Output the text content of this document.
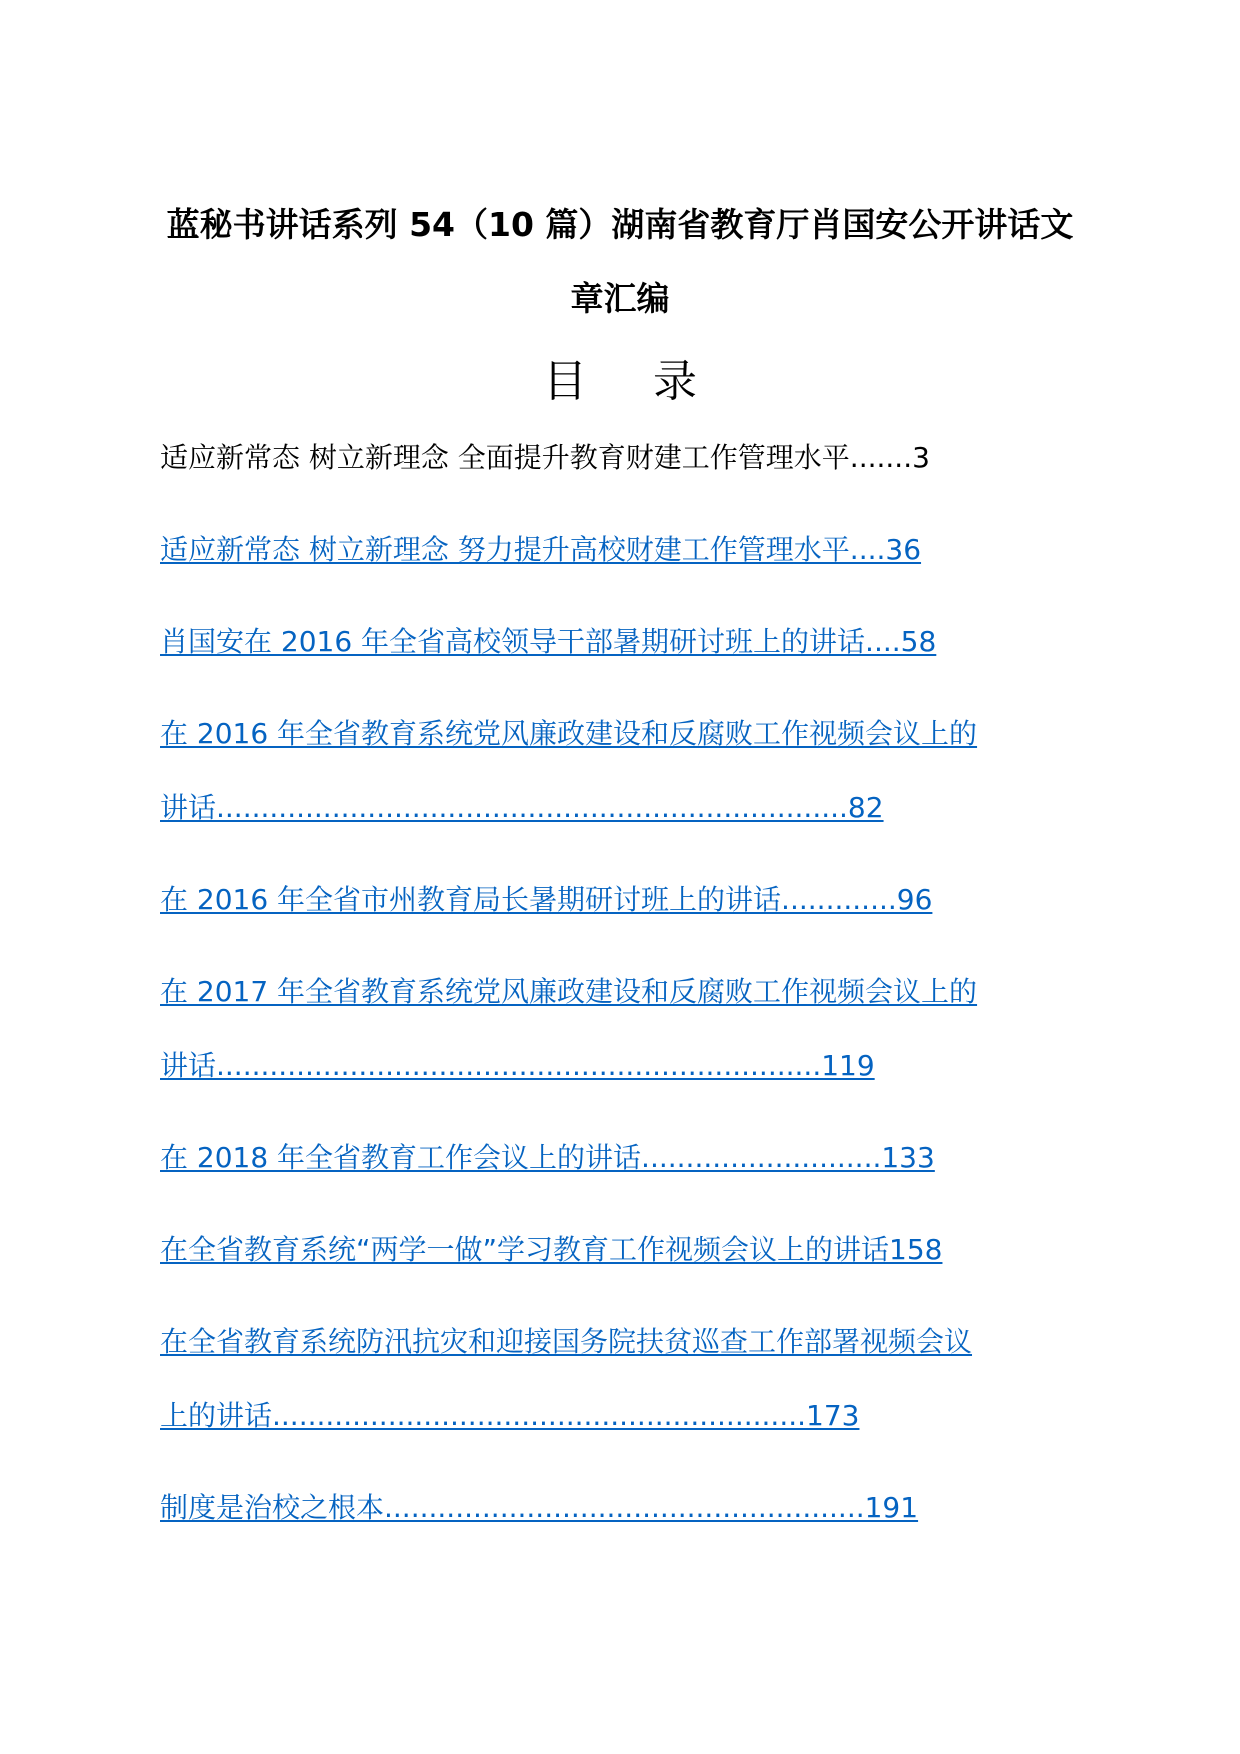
蓝秘书讲话系列 54（10 篇）湖南省教育厅肖国安公开讲话文
章汇编
目 录
适应新常态 树立新理念 全面提升教育财建工作管理水平.......3
适应新常态 树立新理念 努力提升高校财建工作管理水平....36
肖国安在 2016 年全省高校领导干部暑期研讨班上的讲话....58
在 2016 年全省教育系统党风廉政建设和反腐败工作视频会议上的
讲话.......................................................................82
在 2016 年全省市州教育局长暑期研讨班上的讲话.............96
在 2017 年全省教育系统党风廉政建设和反腐败工作视频会议上的
讲话....................................................................119
在 2018 年全省教育工作会议上的讲话...........................133
在全省教育系统“两学一做”学习教育工作视频会议上的讲话158
在全省教育系统防汛抗灾和迎接国务院扶贫巡查工作部署视频会议
上的讲话............................................................173
制度是治校之根本......................................................191
